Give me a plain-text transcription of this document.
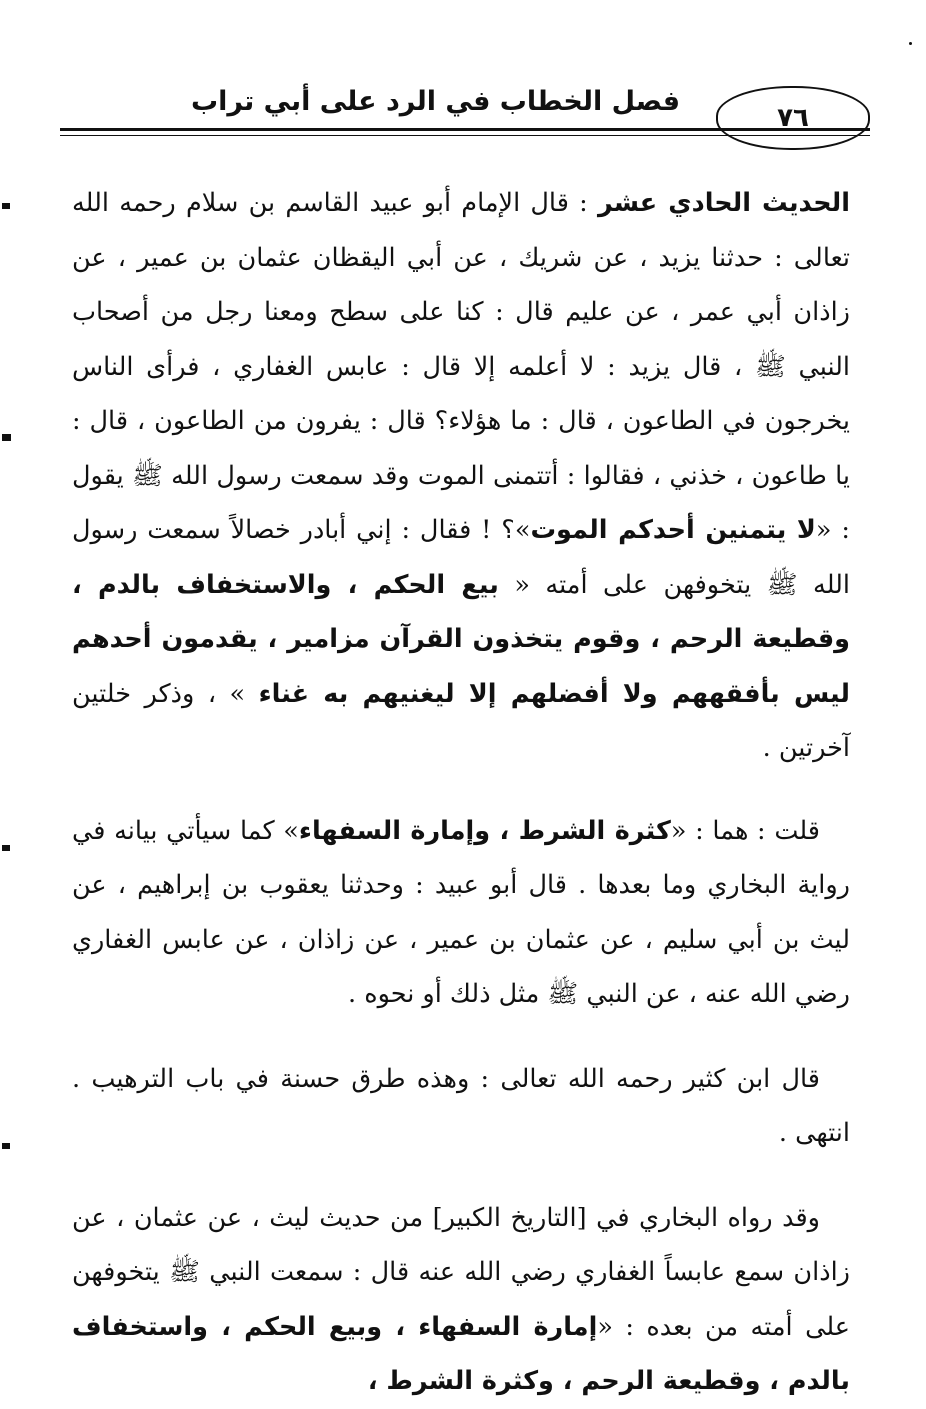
٧٦
فصل الخطاب في الرد على أبي تراب

الحديث الحادي عشر : قال الإمام أبو عبيد القاسم بن سلام رحمه الله تعالى : حدثنا يزيد ، عن شريك ، عن أبي اليقظان عثمان بن عمير ، عن زاذان أبي عمر ، عن عليم قال : كنا على سطح ومعنا رجل من أصحاب النبي ﷺ ، قال يزيد : لا أعلمه إلا قال : عابس الغفاري ، فرأى الناس يخرجون في الطاعون ، قال : ما هؤلاء؟ قال : يفرون من الطاعون ، قال : يا طاعون ، خذني ، فقالوا : أتتمنى الموت وقد سمعت رسول الله ﷺ يقول : «لا يتمنين أحدكم الموت»؟ ! فقال : إني أبادر خصالاً سمعت رسول الله ﷺ يتخوفهن على أمته « بيع الحكم ، والاستخفاف بالدم ، وقطيعة الرحم ، وقوم يتخذون القرآن مزامير ، يقدمون أحدهم ليس بأفقههم ولا أفضلهم إلا ليغنيهم به غناء » ، وذكر خلتين آخرتين .

قلت : هما : «كثرة الشرط ، وإمارة السفهاء» كما سيأتي بيانه في رواية البخاري وما بعدها . قال أبو عبيد : وحدثنا يعقوب بن إبراهيم ، عن ليث بن أبي سليم ، عن عثمان بن عمير ، عن زاذان ، عن عابس الغفاري رضي الله عنه ، عن النبي ﷺ مثل ذلك أو نحوه .

قال ابن كثير رحمه الله تعالى : وهذه طرق حسنة في باب الترهيب . انتهى .

وقد رواه البخاري في [التاريخ الكبير] من حديث ليث ، عن عثمان ، عن زاذان سمع عابساً الغفاري رضي الله عنه قال : سمعت النبي ﷺ يتخوفهن على أمته من بعده : «إمارة السفهاء ، وبيع الحكم ، واستخفاف بالدم ، وقطيعة الرحم ، وكثرة الشرط ،
